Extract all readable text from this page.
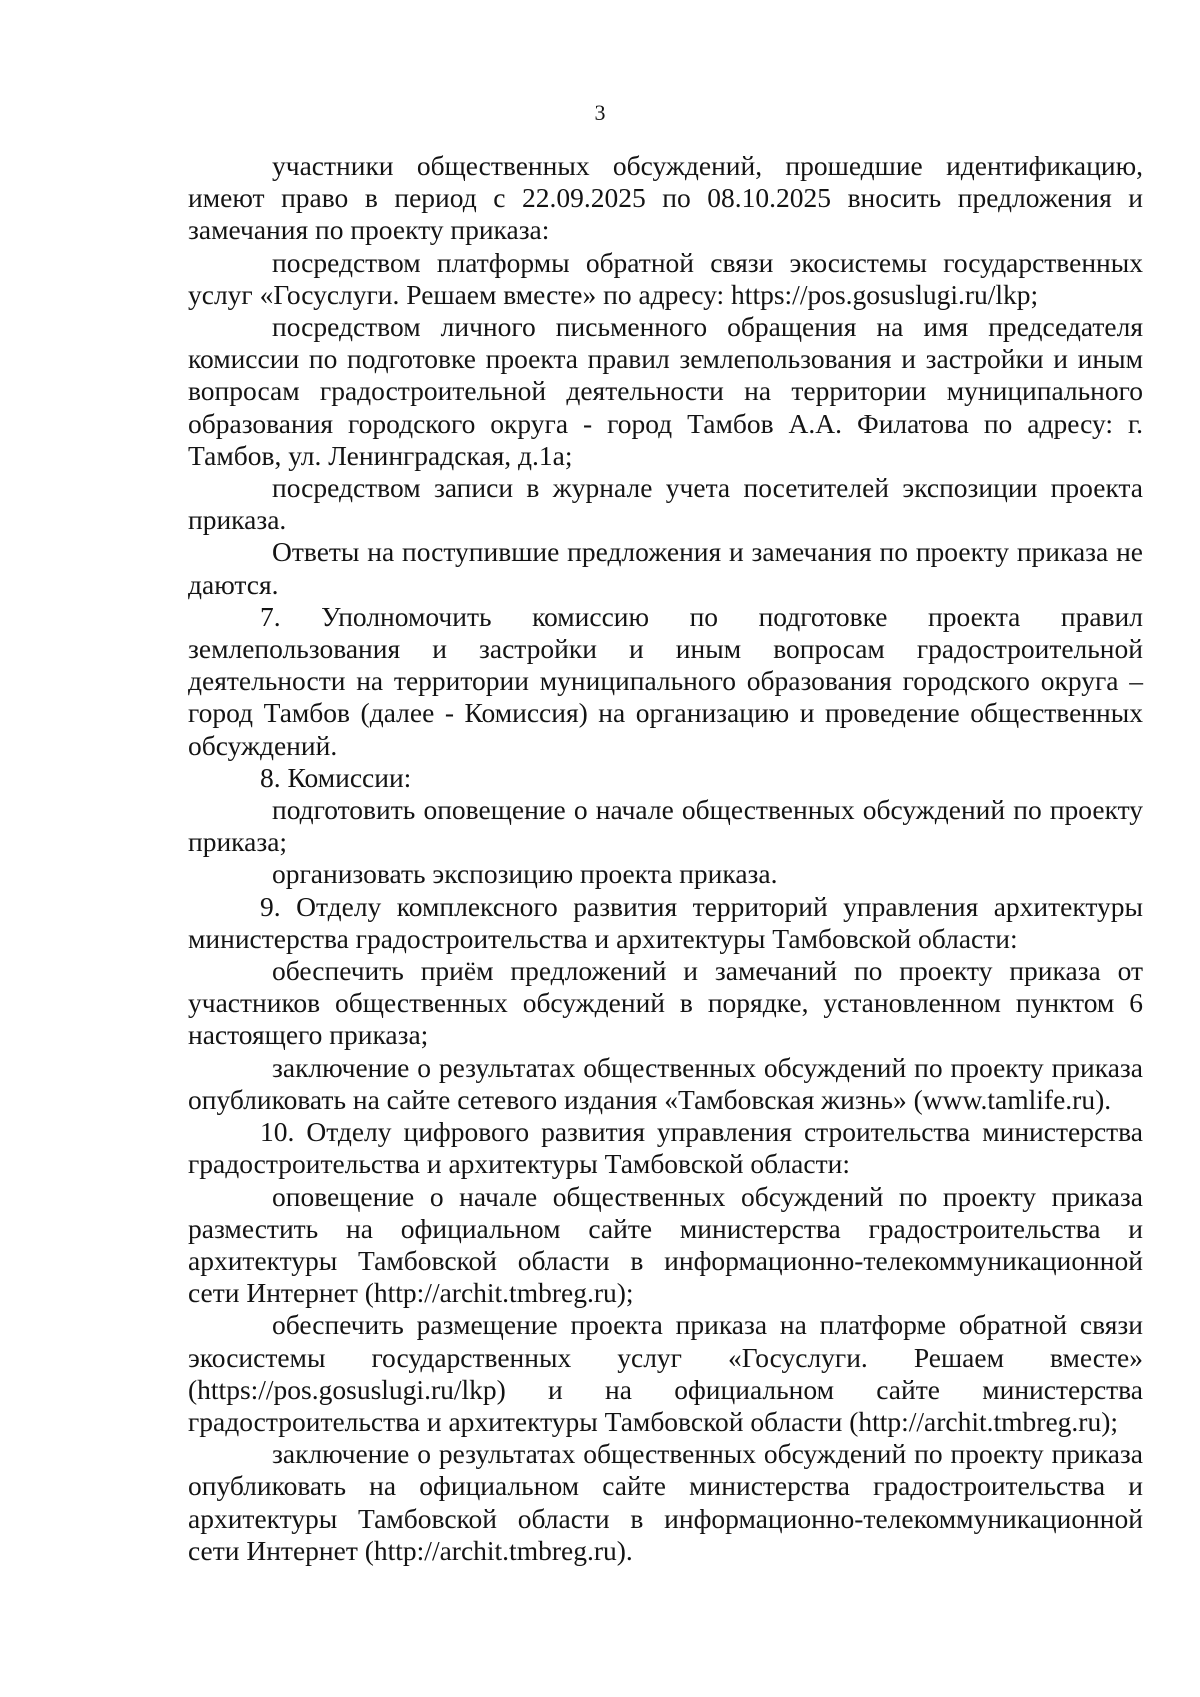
3

участники общественных обсуждений, прошедшие идентификацию, имеют право в период с 22.09.2025 по 08.10.2025 вносить предложения и замечания по проекту приказа:

посредством платформы обратной связи экосистемы государственных услуг «Госуслуги. Решаем вместе» по адресу: https://pos.gosuslugi.ru/lkp;

посредством личного письменного обращения на имя председателя комиссии по подготовке проекта правил землепользования и застройки и иным вопросам градостроительной деятельности на территории муниципального образования городского округа - город Тамбов А.А. Филатова по адресу: г. Тамбов, ул. Ленинградская, д.1а;

посредством записи в журнале учета посетителей экспозиции проекта приказа.

Ответы на поступившие предложения и замечания по проекту приказа не даются.

7. Уполномочить комиссию по подготовке проекта правил землепользования и застройки и иным вопросам градостроительной деятельности на территории муниципального образования городского округа – город Тамбов (далее - Комиссия) на организацию и проведение общественных обсуждений.

8. Комиссии:

подготовить оповещение о начале общественных обсуждений по проекту приказа;

организовать экспозицию проекта приказа.

9. Отделу комплексного развития территорий управления архитектуры министерства градостроительства и архитектуры Тамбовской области:

обеспечить приём предложений и замечаний по проекту приказа от участников общественных обсуждений в порядке, установленном пунктом 6 настоящего приказа;

заключение о результатах общественных обсуждений по проекту приказа опубликовать на сайте сетевого издания «Тамбовская жизнь» (www.tamlife.ru).

10. Отделу цифрового развития управления строительства министерства градостроительства и архитектуры Тамбовской области:

оповещение о начале общественных обсуждений по проекту приказа разместить на официальном сайте министерства градостроительства и архитектуры Тамбовской области в информационно-телекоммуникационной сети Интернет (http://archit.tmbreg.ru);

обеспечить размещение проекта приказа на платформе обратной связи экосистемы государственных услуг «Госуслуги. Решаем вместе» (https://pos.gosuslugi.ru/lkp) и на официальном сайте министерства градостроительства и архитектуры Тамбовской области (http://archit.tmbreg.ru);

заключение о результатах общественных обсуждений по проекту приказа опубликовать на официальном сайте министерства градостроительства и архитектуры Тамбовской области в информационно-телекоммуникационной сети Интернет (http://archit.tmbreg.ru).
